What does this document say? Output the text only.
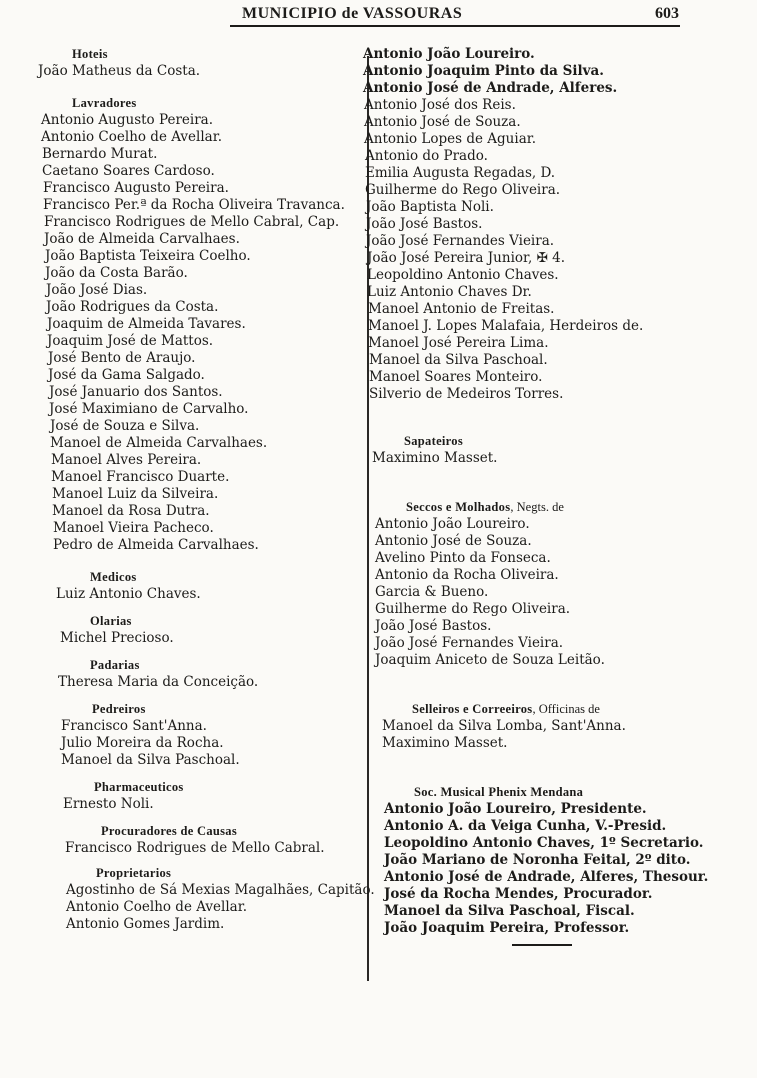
MUNICIPIO de VASSOURAS	603
Hoteis
João Matheus da Costa.
Lavradores
Antonio Augusto Pereira.
Antonio Coelho de Avellar.
Bernardo Murat.
Caetano Soares Cardoso.
Francisco Augusto Pereira.
Francisco Per.ª da Rocha Oliveira Travanca.
Francisco Rodrigues de Mello Cabral, Cap.
João de Almeida Carvalhaes.
João Baptista Teixeira Coelho.
João da Costa Barão.
João José Dias.
João Rodrigues da Costa.
Joaquim de Almeida Tavares.
Joaquim José de Mattos.
José Bento de Araujo.
José da Gama Salgado.
José Januario dos Santos.
José Maximiano de Carvalho.
José de Souza e Silva.
Manoel de Almeida Carvalhaes.
Manoel Alves Pereira.
Manoel Francisco Duarte.
Manoel Luiz da Silveira.
Manoel da Rosa Dutra.
Manoel Vieira Pacheco.
Pedro de Almeida Carvalhaes.
Medicos
Luiz Antonio Chaves.
Olarias
Michel Precioso.
Padarias
Theresa Maria da Conceição.
Pedreiros
Francisco Sant'Anna.
Julio Moreira da Rocha.
Manoel da Silva Paschoal.
Pharmaceuticos
Ernesto Noli.
Procuradores de Causas
Francisco Rodrigues de Mello Cabral.
Proprietarios
Agostinho de Sá Mexias Magalhães, Capitão.
Antonio Coelho de Avellar.
Antonio Gomes Jardim.
Antonio João Loureiro.
Antonio Joaquim Pinto da Silva.
Antonio José de Andrade, Alferes.
Antonio José dos Reis.
Antonio José de Souza.
Antonio Lopes de Aguiar.
Antonio do Prado.
Emilia Augusta Regadas, D.
Guilherme do Rego Oliveira.
João Baptista Noli.
João José Bastos.
João José Fernandes Vieira.
João José Pereira Junior, ✠ 4.
Leopoldino Antonio Chaves.
Luiz Antonio Chaves Dr.
Manoel Antonio de Freitas.
Manoel J. Lopes Malafaia, Herdeiros de.
Manoel José Pereira Lima.
Manoel da Silva Paschoal.
Manoel Soares Monteiro.
Silverio de Medeiros Torres.
Sapateiros
Maximino Masset.
Seccos e Molhados, Negts. de
Antonio João Loureiro.
Antonio José de Souza.
Avelino Pinto da Fonseca.
Antonio da Rocha Oliveira.
Garcia & Bueno.
Guilherme do Rego Oliveira.
João José Bastos.
João José Fernandes Vieira.
Joaquim Aniceto de Souza Leitão.
Selleiros e Correeiros, Officinas de
Manoel da Silva Lomba, Sant'Anna.
Maximino Masset.
Soc. Musical Phenix Mendana
Antonio João Loureiro, Presidente.
Antonio A. da Veiga Cunha, V.-Presid.
Leopoldino Antonio Chaves, 1º Secretario.
João Mariano de Noronha Feital, 2º dito.
Antonio José de Andrade, Alferes, Thesour.
José da Rocha Mendes, Procurador.
Manoel da Silva Paschoal, Fiscal.
João Joaquim Pereira, Professor.
